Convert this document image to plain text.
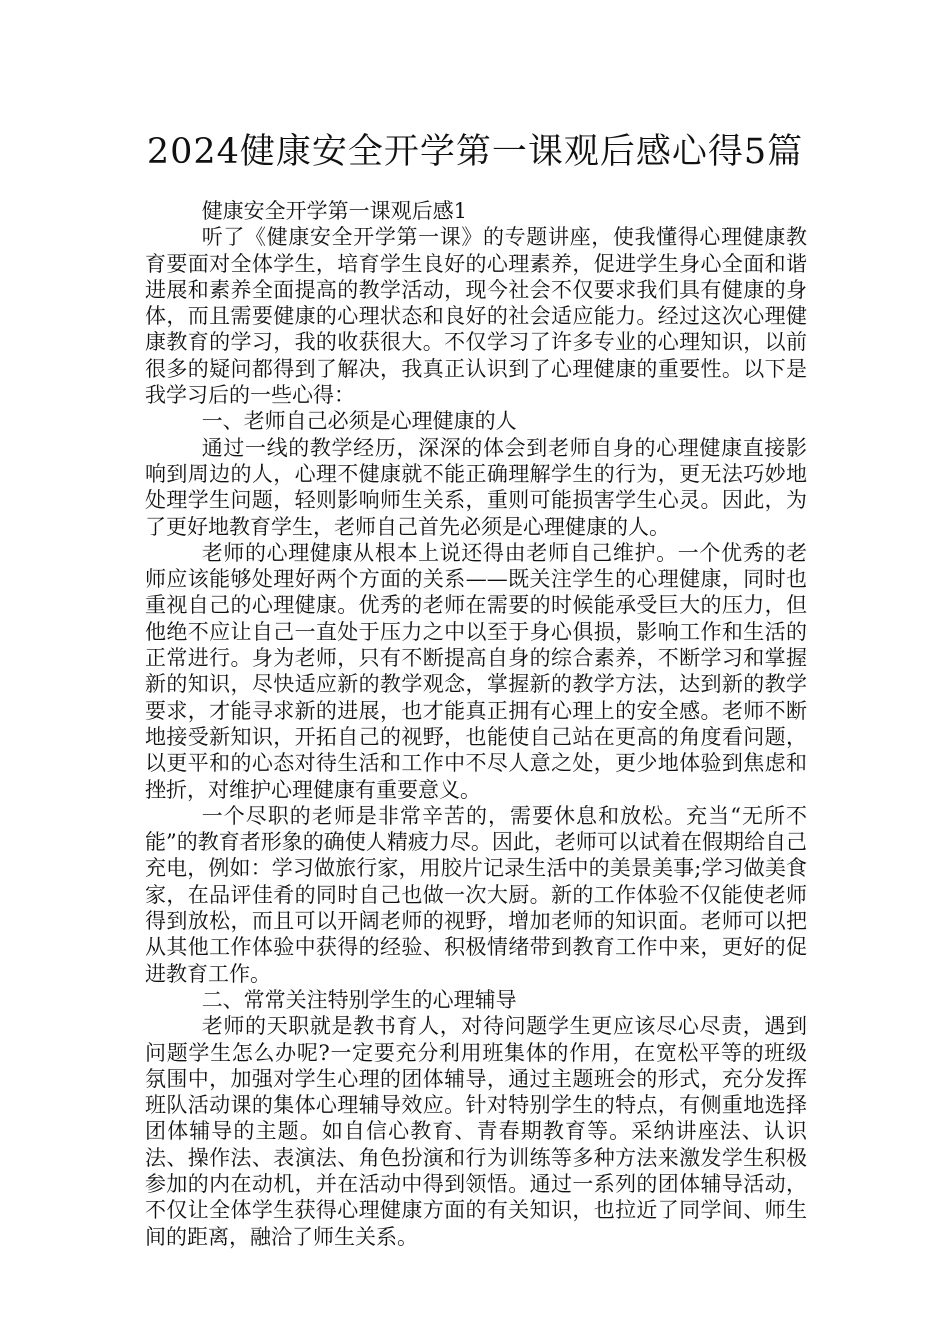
2024健康安全开学第一课观后感心得5篇

健康安全开学第一课观后感1

听了《健康安全开学第一课》的专题讲座，使我懂得心理健康教育要面对全体学生，培育学生良好的心理素养，促进学生身心全面和谐进展和素养全面提高的教学活动，现今社会不仅要求我们具有健康的身体，而且需要健康的心理状态和良好的社会适应能力。经过这次心理健康教育的学习，我的收获很大。不仅学习了许多专业的心理知识，以前很多的疑问都得到了解决，我真正认识到了心理健康的重要性。以下是我学习后的一些心得：

一、老师自己必须是心理健康的人

通过一线的教学经历，深深的体会到老师自身的心理健康直接影响到周边的人，心理不健康就不能正确理解学生的行为，更无法巧妙地处理学生问题，轻则影响师生关系，重则可能损害学生心灵。因此，为了更好地教育学生，老师自己首先必须是心理健康的人。

老师的心理健康从根本上说还得由老师自己维护。一个优秀的老师应该能够处理好两个方面的关系——既关注学生的心理健康，同时也重视自己的心理健康。优秀的老师在需要的时候能承受巨大的压力，但他绝不应让自己一直处于压力之中以至于身心俱损，影响工作和生活的正常进行。身为老师，只有不断提高自身的综合素养，不断学习和掌握新的知识，尽快适应新的教学观念，掌握新的教学方法，达到新的教学要求，才能寻求新的进展，也才能真正拥有心理上的安全感。老师不断地接受新知识，开拓自己的视野，也能使自己站在更高的角度看问题，以更平和的心态对待生活和工作中不尽人意之处，更少地体验到焦虑和挫折，对维护心理健康有重要意义。

一个尽职的老师是非常辛苦的，需要休息和放松。充当“无所不能”的教育者形象的确使人精疲力尽。因此，老师可以试着在假期给自己充电，例如：学习做旅行家，用胶片记录生活中的美景美事;学习做美食家，在品评佳肴的同时自己也做一次大厨。新的工作体验不仅能使老师得到放松，而且可以开阔老师的视野，增加老师的知识面。老师可以把从其他工作体验中获得的经验、积极情绪带到教育工作中来，更好的促进教育工作。

二、常常关注特别学生的心理辅导

老师的天职就是教书育人，对待问题学生更应该尽心尽责，遇到问题学生怎么办呢?一定要充分利用班集体的作用，在宽松平等的班级氛围中，加强对学生心理的团体辅导，通过主题班会的形式，充分发挥班队活动课的集体心理辅导效应。针对特别学生的特点，有侧重地选择团体辅导的主题。如自信心教育、青春期教育等。采纳讲座法、认识法、操作法、表演法、角色扮演和行为训练等多种方法来激发学生积极参加的内在动机，并在活动中得到领悟。通过一系列的团体辅导活动，不仅让全体学生获得心理健康方面的有关知识，也拉近了同学间、师生间的距离，融洽了师生关系。
